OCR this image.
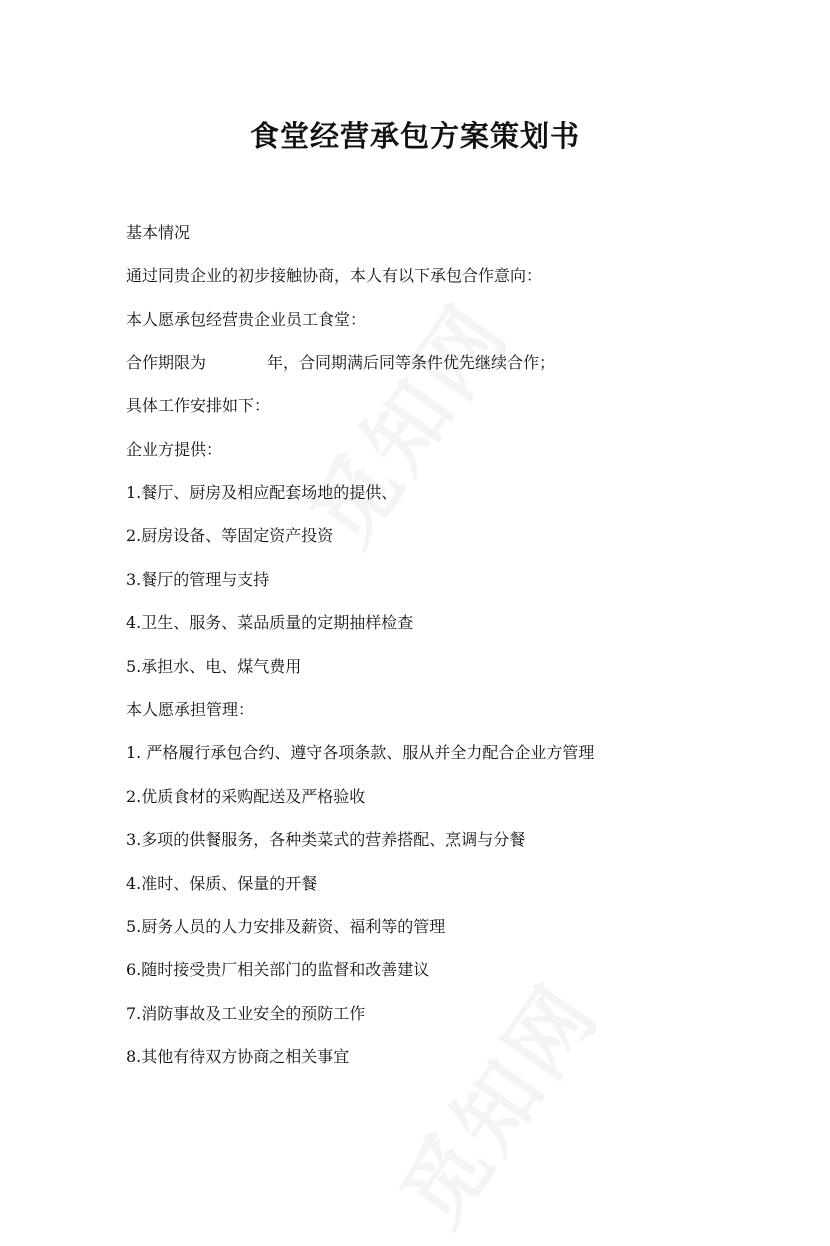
食堂经营承包方案策划书
基本情况
通过同贵企业的初步接触协商，本人有以下承包合作意向：
本人愿承包经营贵企业员工食堂：
合作期限为	年，合同期满后同等条件优先继续合作；
具体工作安排如下：
企业方提供：
1.餐厅、厨房及相应配套场地的提供、
2.厨房设备、等固定资产投资
3.餐厅的管理与支持
4.卫生、服务、菜品质量的定期抽样检查
5.承担水、电、煤气费用
本人愿承担管理：
1. 严格履行承包合约、遵守各项条款、服从并全力配合企业方管理
2.优质食材的采购配送及严格验收
3.多项的供餐服务，各种类菜式的营养搭配、烹调与分餐
4.准时、保质、保量的开餐
5.厨务人员的人力安排及薪资、福利等的管理
6.随时接受贵厂相关部门的监督和改善建议
7.消防事故及工业安全的预防工作
8.其他有待双方协商之相关事宜
